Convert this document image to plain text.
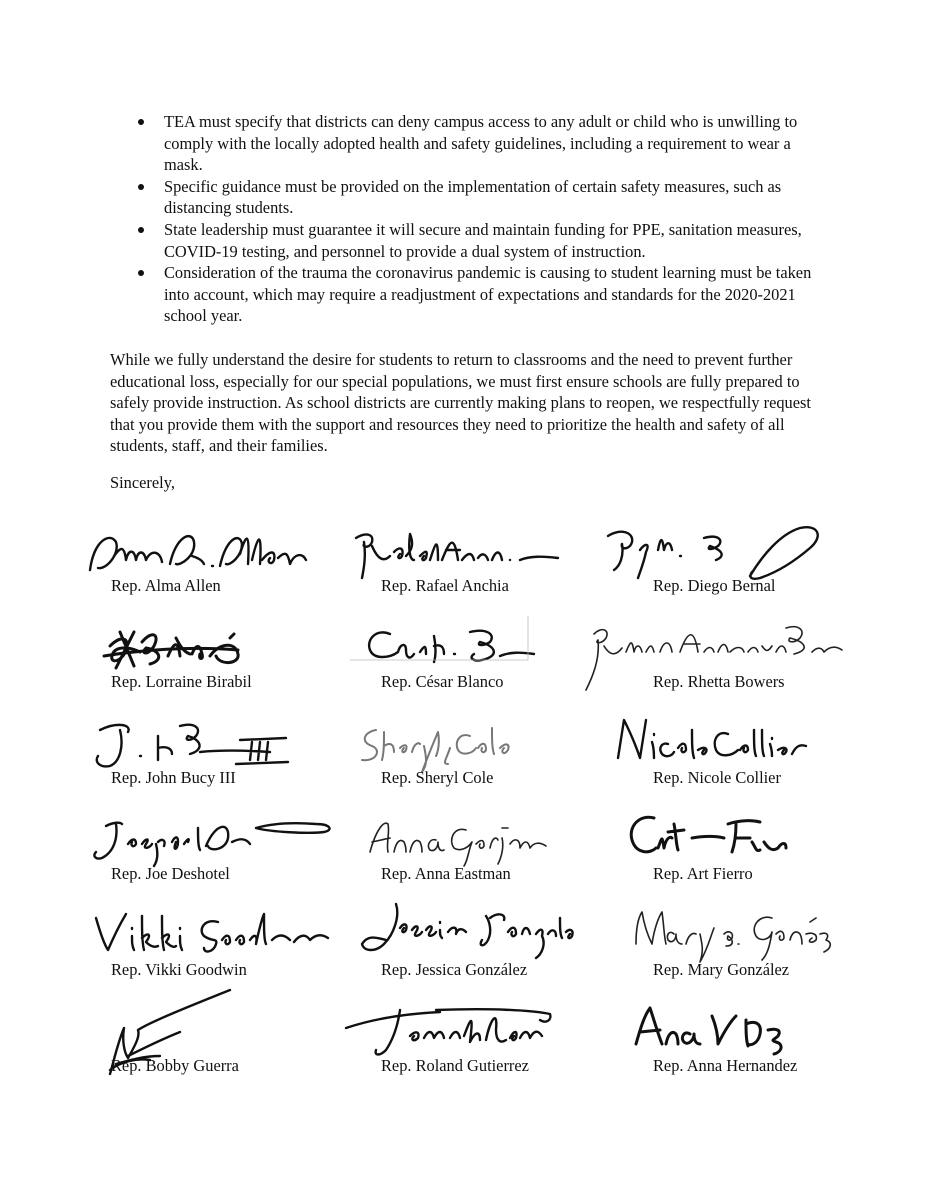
TEA must specify that districts can deny campus access to any adult or child who is unwilling to comply with the locally adopted health and safety guidelines, including a requirement to wear a mask.
Specific guidance must be provided on the implementation of certain safety measures, such as distancing students.
State leadership must guarantee it will secure and maintain funding for PPE, sanitation measures, COVID-19 testing, and personnel to provide a dual system of instruction.
Consideration of the trauma the coronavirus pandemic is causing to student learning must be taken into account, which may require a readjustment of expectations and standards for the 2020-2021 school year.

While we fully understand the desire for students to return to classrooms and the need to prevent further educational loss, especially for our special populations, we must first ensure schools are fully prepared to safely provide instruction. As school districts are currently making plans to reopen, we respectfully request that you provide them with the support and resources they need to prioritize the health and safety of all students, staff, and their families.

Sincerely,

Rep. Alma Allen	Rep. Rafael Anchia	Rep. Diego Bernal
Rep. Lorraine Birabil	Rep. César Blanco	Rep. Rhetta Bowers
Rep. John Bucy III	Rep. Sheryl Cole	Rep. Nicole Collier
Rep. Joe Deshotel	Rep. Anna Eastman	Rep. Art Fierro
Rep. Vikki Goodwin	Rep. Jessica González	Rep. Mary González
Rep. Bobby Guerra	Rep. Roland Gutierrez	Rep. Anna Hernandez
